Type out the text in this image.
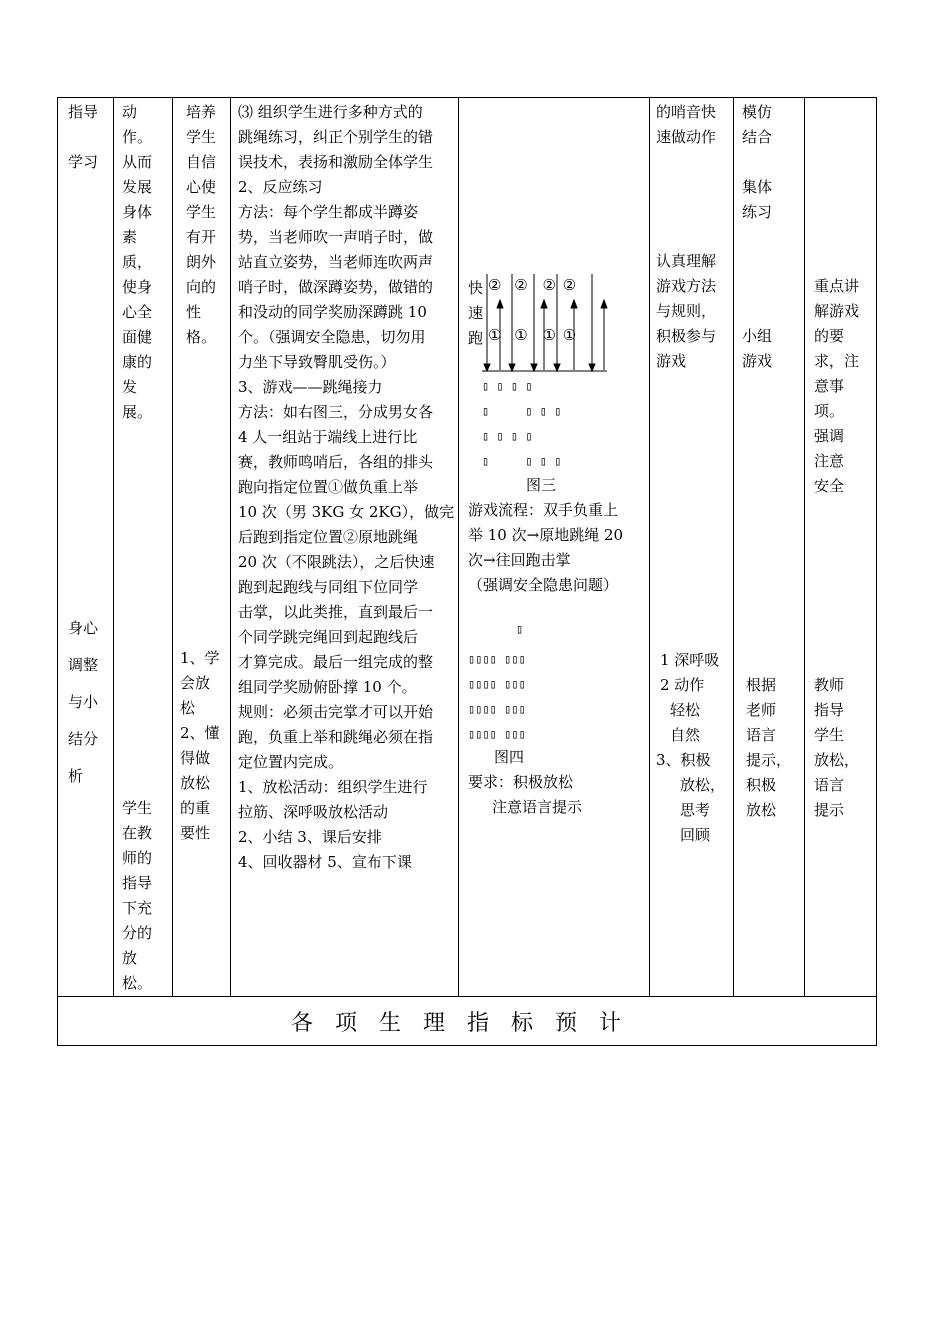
指导
学习
身心
调整
与小
结分
析
动
作。
从而
发展
身体
素
质，
使身
心全
面健
康的
发
展。
学生
在教
师的
指导
下充
分的
放
松。
培养
学生
自信
心使
学生
有开
朗外
向的
性
格。
1、学
会放
松
2、懂
得做
放松
的重
要性
⑶ 组织学生进行多种方式的
跳绳练习，纠正个别学生的错
误技术，表扬和激励全体学生
2、反应练习
方法：每个学生都成半蹲姿
势，当老师吹一声哨子时，做
站直立姿势，当老师连吹两声
哨子时，做深蹲姿势，做错的
和没动的同学奖励深蹲跳 10
个。（强调安全隐患，切勿用
力坐下导致臀肌受伤。）
3、游戏——跳绳接力
方法：如右图三，分成男女各
4 人一组站于端线上进行比
赛，教师鸣哨后，各组的排头
跑向指定位置①做负重上举
10 次（男 3KG 女 2KG），做完
后跑到指定位置②原地跳绳
20 次（不限跳法），之后快速
跑到起跑线与同组下位同学
击掌，以此类推，直到最后一
个同学跳完绳回到起跑线后
才算完成。最后一组完成的整
组同学奖励俯卧撑 10 个。
规则：必须击完掌才可以开始
跑，负重上举和跳绳必须在指
定位置内完成。
1、放松活动：组织学生进行
拉筋、深呼吸放松活动
2、小结 3、课后安排
4、回收器材 5、宣布下课
快
速
跑
② ② ② ②
① ① ① ①
▯ ▯ ▯ ▯
▯     ▯ ▯ ▯
▯ ▯ ▯ ▯
▯     ▯ ▯ ▯
图三
游戏流程：双手负重上
举 10 次→原地跳绳 20
次→往回跑击掌
（强调安全隐患问题）
▯
▯▯▯▯ ▯▯▯
▯▯▯▯ ▯▯▯
▯▯▯▯ ▯▯▯
▯▯▯▯ ▯▯▯
图四
要求：积极放松
注意语言提示
的哨音快
速做动作
认真理解
游戏方法
与规则，
积极参与
游戏
1 深呼吸
2 动作
轻松
自然
3、积极
放松，
思考
回顾
模仿
结合

集体
练习
小组
游戏
根据
老师
语言
提示，
积极
放松
重点讲
解游戏
的要
求，注
意事
项。
强调
注意
安全
教师
指导
学生
放松，
语言
提示
各项生理指标预计
